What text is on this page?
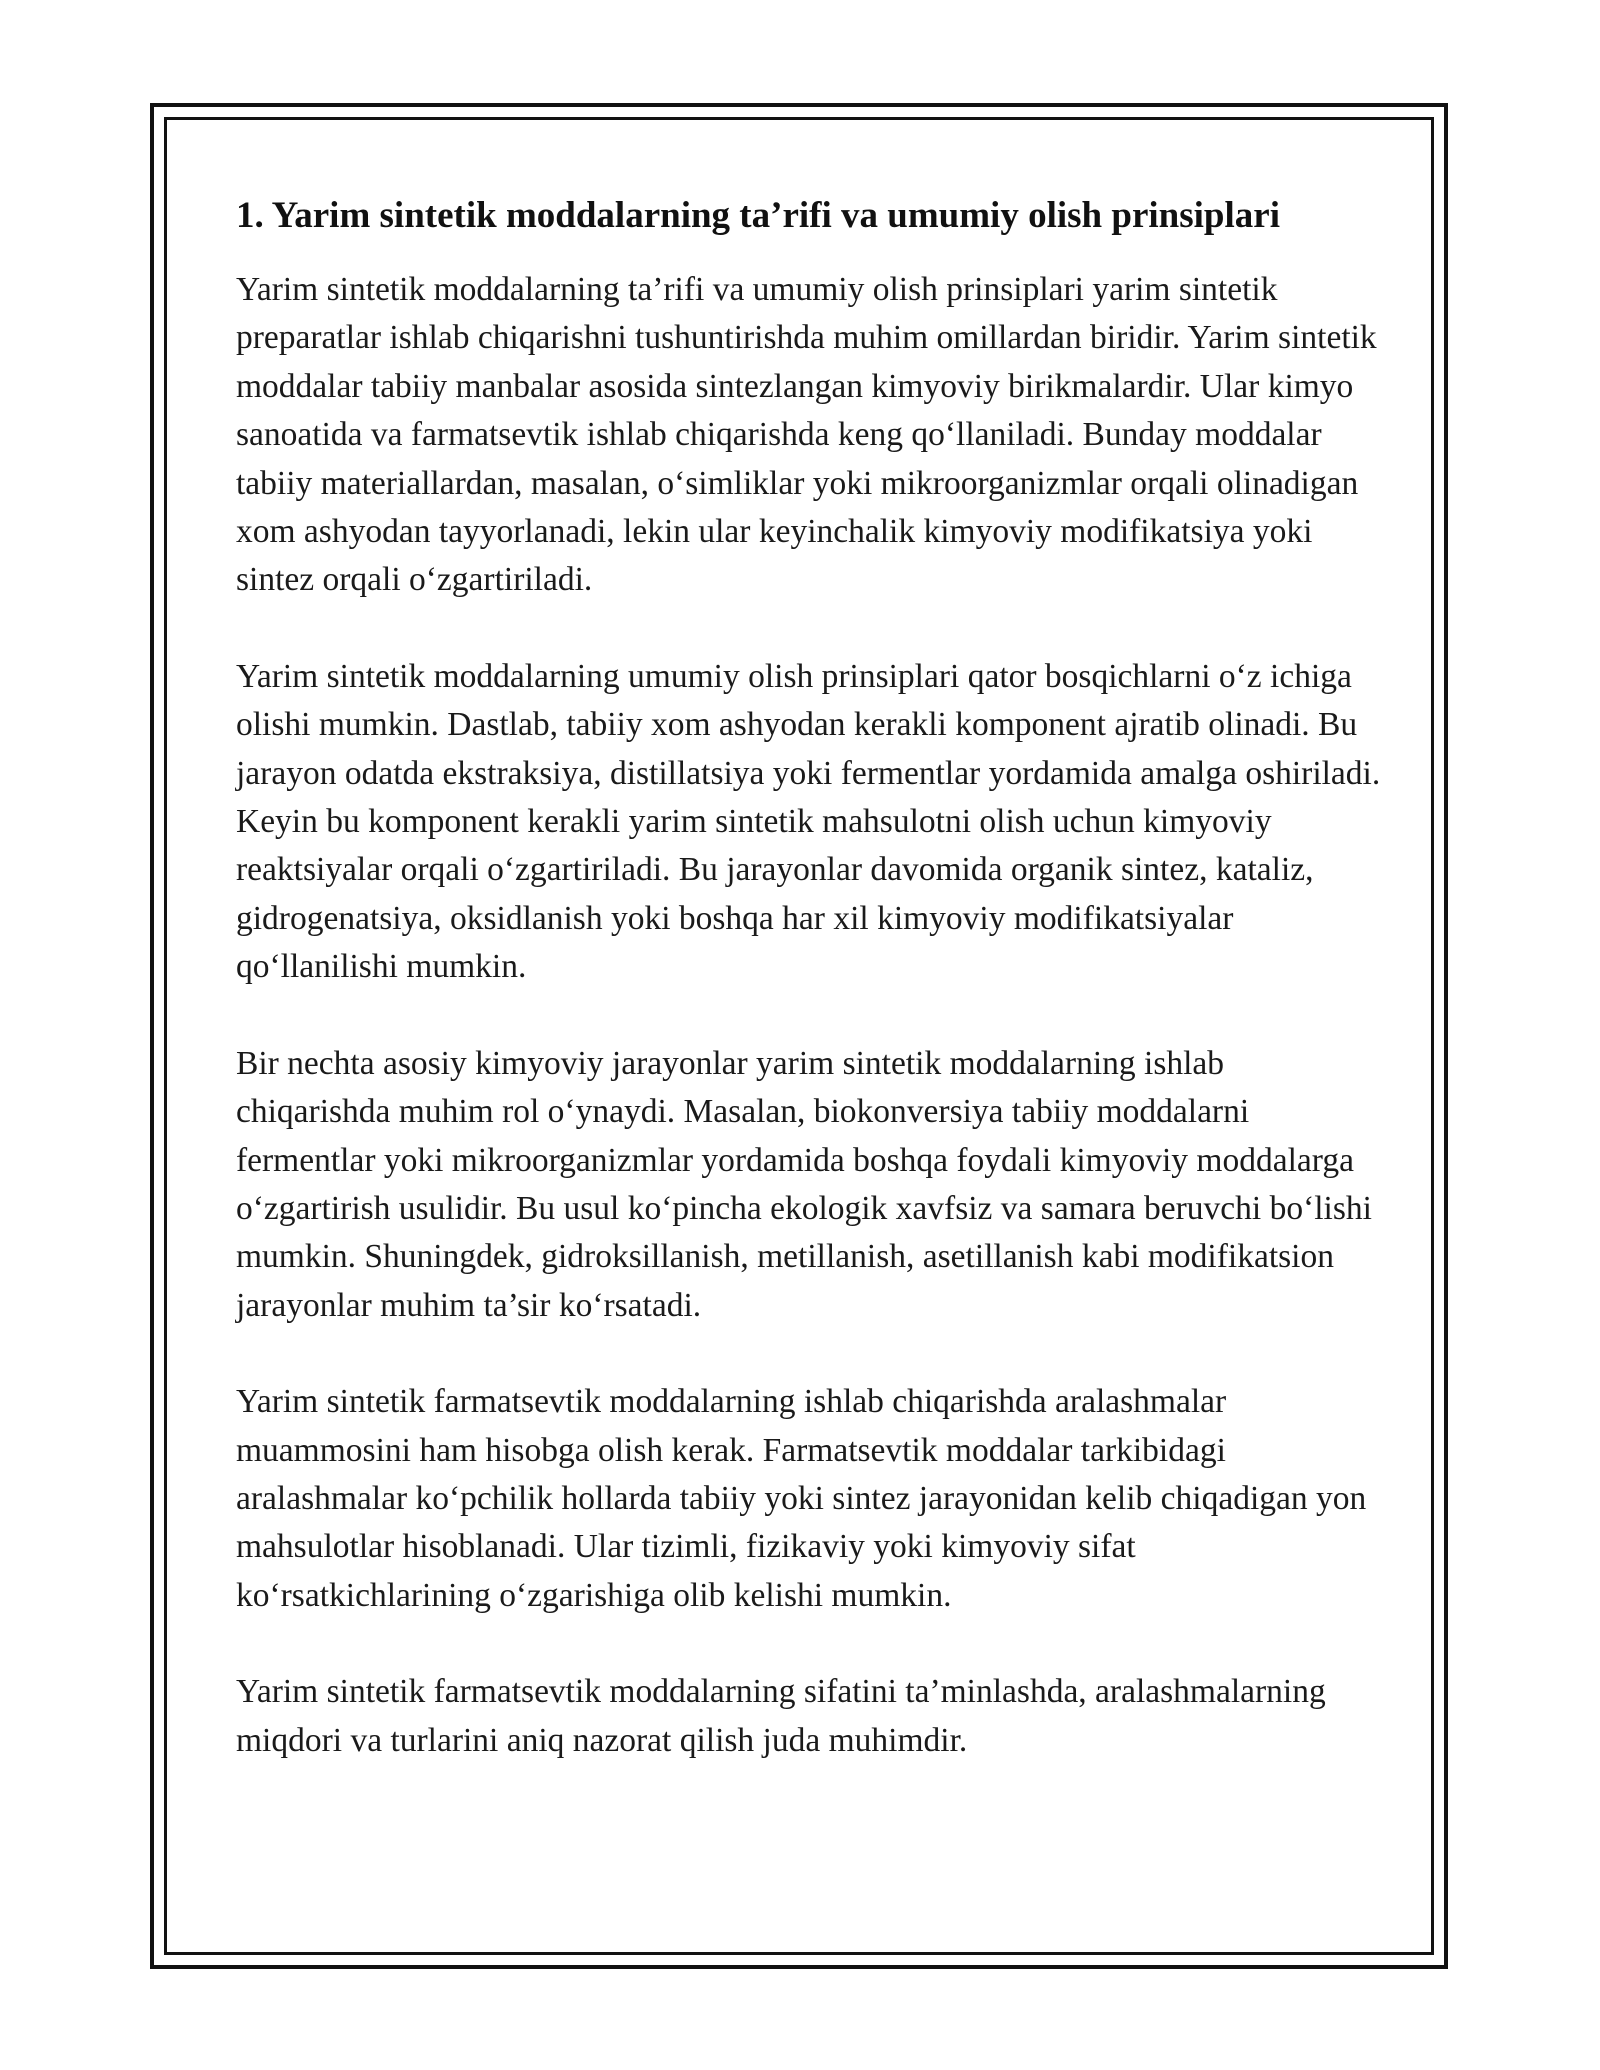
1. Yarim sintetik moddalarning ta’rifi va umumiy olish prinsiplari

Yarim sintetik moddalarning ta’rifi va umumiy olish prinsiplari yarim sintetik preparatlar ishlab chiqarishni tushuntirishda muhim omillardan biridir. Yarim sintetik moddalar tabiiy manbalar asosida sintezlangan kimyoviy birikmalardir. Ular kimyo sanoatida va farmatsevtik ishlab chiqarishda keng qo‘llaniladi. Bunday moddalar tabiiy materiallardan, masalan, o‘simliklar yoki mikroorganizmlar orqali olinadigan xom ashyodan tayyorlanadi, lekin ular keyinchalik kimyoviy modifikatsiya yoki sintez orqali o‘zgartiriladi.

Yarim sintetik moddalarning umumiy olish prinsiplari qator bosqichlarni o‘z ichiga olishi mumkin. Dastlab, tabiiy xom ashyodan kerakli komponent ajratib olinadi. Bu jarayon odatda ekstraksiya, distillatsiya yoki fermentlar yordamida amalga oshiriladi. Keyin bu komponent kerakli yarim sintetik mahsulotni olish uchun kimyoviy reaktsiyalar orqali o‘zgartiriladi. Bu jarayonlar davomida organik sintez, kataliz, gidrogenatsiya, oksidlanish yoki boshqa har xil kimyoviy modifikatsiyalar qo‘llanilishi mumkin.

Bir nechta asosiy kimyoviy jarayonlar yarim sintetik moddalarning ishlab chiqarishda muhim rol o‘ynaydi. Masalan, biokonversiya tabiiy moddalarni fermentlar yoki mikroorganizmlar yordamida boshqa foydali kimyoviy moddalarga o‘zgartirish usulidir. Bu usul ko‘pincha ekologik xavfsiz va samara beruvchi bo‘lishi mumkin. Shuningdek, gidroksillanish, metillanish, asetillanish kabi modifikatsion jarayonlar muhim ta’sir ko‘rsatadi.

Yarim sintetik farmatsevtik moddalarning ishlab chiqarishda aralashmalar muammosini ham hisobga olish kerak. Farmatsevtik moddalar tarkibidagi aralashmalar ko‘pchilik hollarda tabiiy yoki sintez jarayonidan kelib chiqadigan yon mahsulotlar hisoblanadi. Ular tizimli, fizikaviy yoki kimyoviy sifat ko‘rsatkichlarining o‘zgarishiga olib kelishi mumkin.

Yarim sintetik farmatsevtik moddalarning sifatini ta’minlashda, aralashmalarning miqdori va turlarini aniq nazorat qilish juda muhimdir.
